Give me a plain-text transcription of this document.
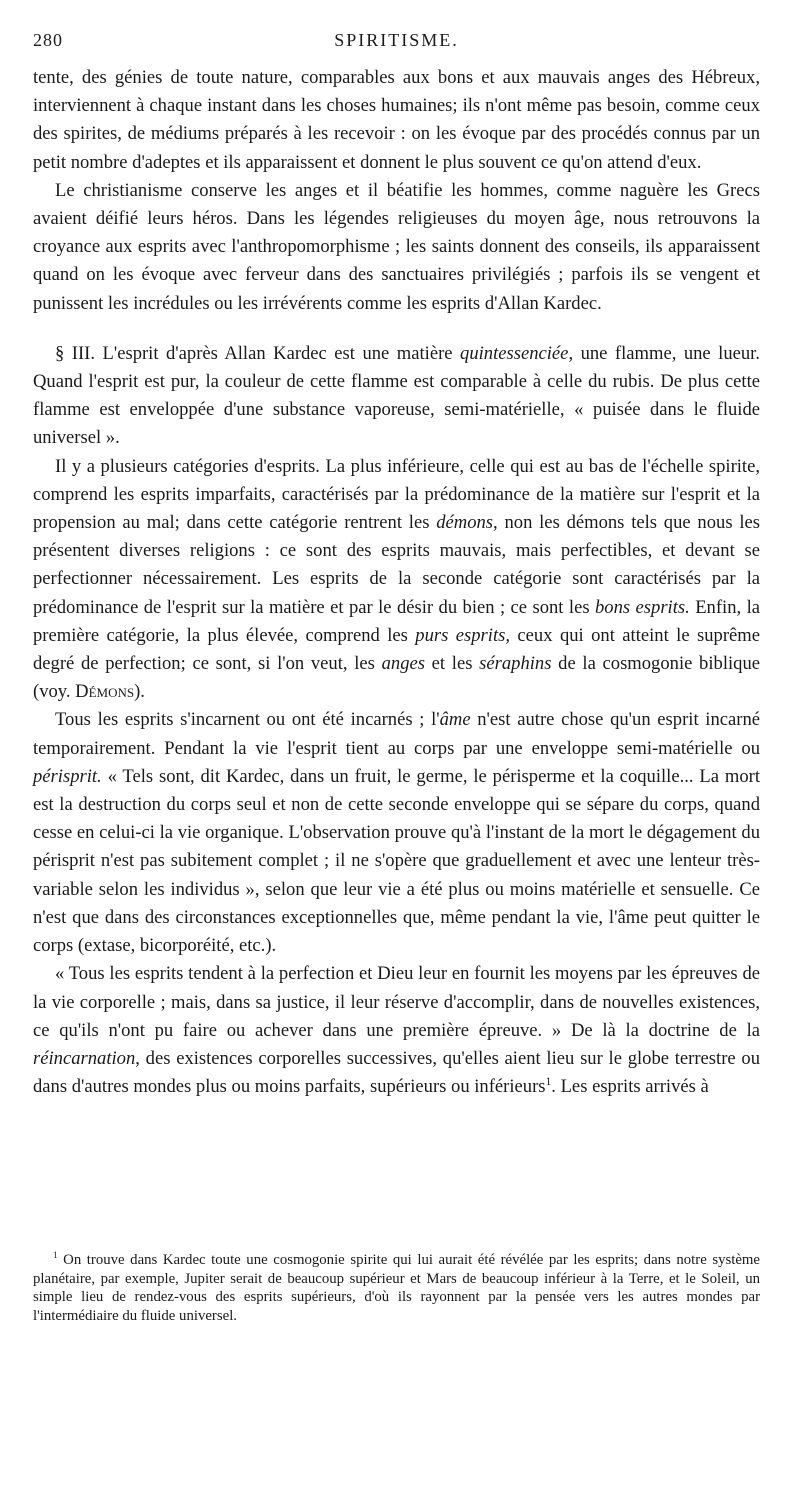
280	SPIRITISME.

tente, des génies de toute nature, comparables aux bons et aux mauvais anges des Hébreux, interviennent à chaque instant dans les choses humaines; ils n'ont même pas besoin, comme ceux des spirites, de médiums préparés à les recevoir : on les évoque par des procédés connus par un petit nombre d'adeptes et ils apparaissent et donnent le plus souvent ce qu'on attend d'eux.

Le christianisme conserve les anges et il béatifie les hommes, comme naguère les Grecs avaient déifié leurs héros. Dans les légendes religieuses du moyen âge, nous retrouvons la croyance aux esprits avec l'anthropomorphisme ; les saints donnent des conseils, ils apparaissent quand on les évoque avec ferveur dans des sanctuaires privilégiés ; parfois ils se vengent et punissent les incrédules ou les irrévérents comme les esprits d'Allan Kardec.

§ III. L'esprit d'après Allan Kardec est une matière quintessenciée, une flamme, une lueur. Quand l'esprit est pur, la couleur de cette flamme est comparable à celle du rubis. De plus cette flamme est enveloppée d'une substance vaporeuse, semi-matérielle, « puisée dans le fluide universel ».

Il y a plusieurs catégories d'esprits. La plus inférieure, celle qui est au bas de l'échelle spirite, comprend les esprits imparfaits, caractérisés par la prédominance de la matière sur l'esprit et la propension au mal; dans cette catégorie rentrent les démons, non les démons tels que nous les présentent diverses religions : ce sont des esprits mauvais, mais perfectibles, et devant se perfectionner nécessairement. Les esprits de la seconde catégorie sont caractérisés par la prédominance de l'esprit sur la matière et par le désir du bien ; ce sont les bons esprits. Enfin, la première catégorie, la plus élevée, comprend les purs esprits, ceux qui ont atteint le suprême degré de perfection; ce sont, si l'on veut, les anges et les séraphins de la cosmogonie biblique (voy. Démons).

Tous les esprits s'incarnent ou ont été incarnés ; l'âme n'est autre chose qu'un esprit incarné temporairement. Pendant la vie l'esprit tient au corps par une enveloppe semi-matérielle ou périsprit. « Tels sont, dit Kardec, dans un fruit, le germe, le périsperme et la coquille... La mort est la destruction du corps seul et non de cette seconde enveloppe qui se sépare du corps, quand cesse en celui-ci la vie organique. L'observation prouve qu'à l'instant de la mort le dégagement du périsprit n'est pas subitement complet ; il ne s'opère que graduellement et avec une lenteur très-variable selon les individus », selon que leur vie a été plus ou moins matérielle et sensuelle. Ce n'est que dans des circonstances exceptionnelles que, même pendant la vie, l'âme peut quitter le corps (extase, bicorporéité, etc.).

« Tous les esprits tendent à la perfection et Dieu leur en fournit les moyens par les épreuves de la vie corporelle ; mais, dans sa justice, il leur réserve d'accomplir, dans de nouvelles existences, ce qu'ils n'ont pu faire ou achever dans une première épreuve. » De là la doctrine de la réincarnation, des existences corporelles successives, qu'elles aient lieu sur le globe terrestre ou dans d'autres mondes plus ou moins parfaits, supérieurs ou inférieurs$^1$. Les esprits arrivés à

$^1$ On trouve dans Kardec toute une cosmogonie spirite qui lui aurait été révélée par les esprits; dans notre système planétaire, par exemple, Jupiter serait de beaucoup supérieur et Mars de beaucoup inférieur à la Terre, et le Soleil, un simple lieu de rendez-vous des esprits supérieurs, d'où ils rayonnent par la pensée vers les autres mondes par l'intermédiaire du fluide universel.
